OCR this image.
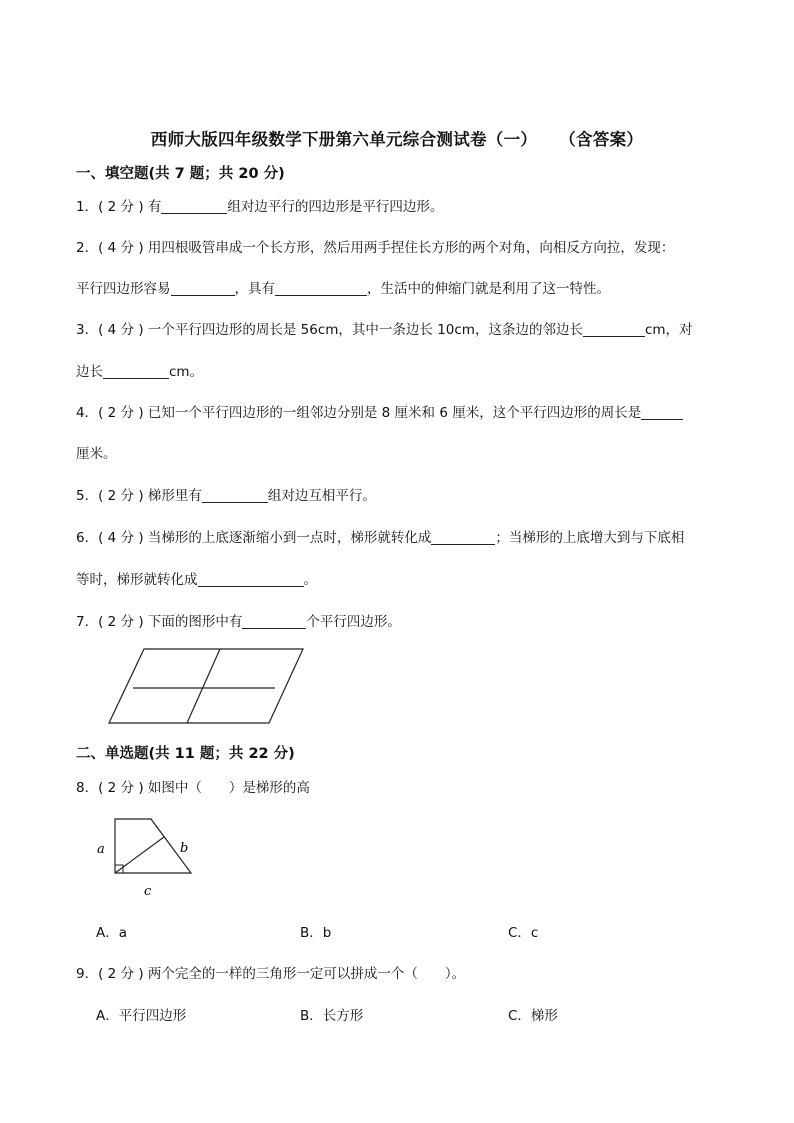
西师大版四年级数学下册第六单元综合测试卷（一） （含答案）
一、填空题(共 7 题；共 20 分)
1．( 2 分 ) 有	组对边平行的四边形是平行四边形。
2．( 4 分 ) 用四根吸管串成一个长方形，然后用两手捏住长方形的两个对角，向相反方向拉，发现：
平行四边形容易	，具有	，生活中的伸缩门就是利用了这一特性。
3．( 4 分 ) 一个平行四边形的周长是 56cm，其中一条边长 10cm，这条边的邻边长	cm，对
边长	cm。
4．( 2 分 ) 已知一个平行四边形的一组邻边分别是 8 厘米和 6 厘米，这个平行四边形的周长是
厘米。
5．( 2 分 ) 梯形里有	组对边互相平行。
6．( 4 分 ) 当梯形的上底逐渐缩小到一点时，梯形就转化成	；当梯形的上底增大到与下底相
等时，梯形就转化成	。
7．( 2 分 ) 下面的图形中有	个平行四边形。
二、单选题(共 11 题；共 22 分)
8．( 2 分 ) 如图中（　　）是梯形的高
a	b
c
A．a	B．b	C．c
9．( 2 分 ) 两个完全的一样的三角形一定可以拼成一个（　　）。
A．平行四边形	B．长方形	C．梯形
